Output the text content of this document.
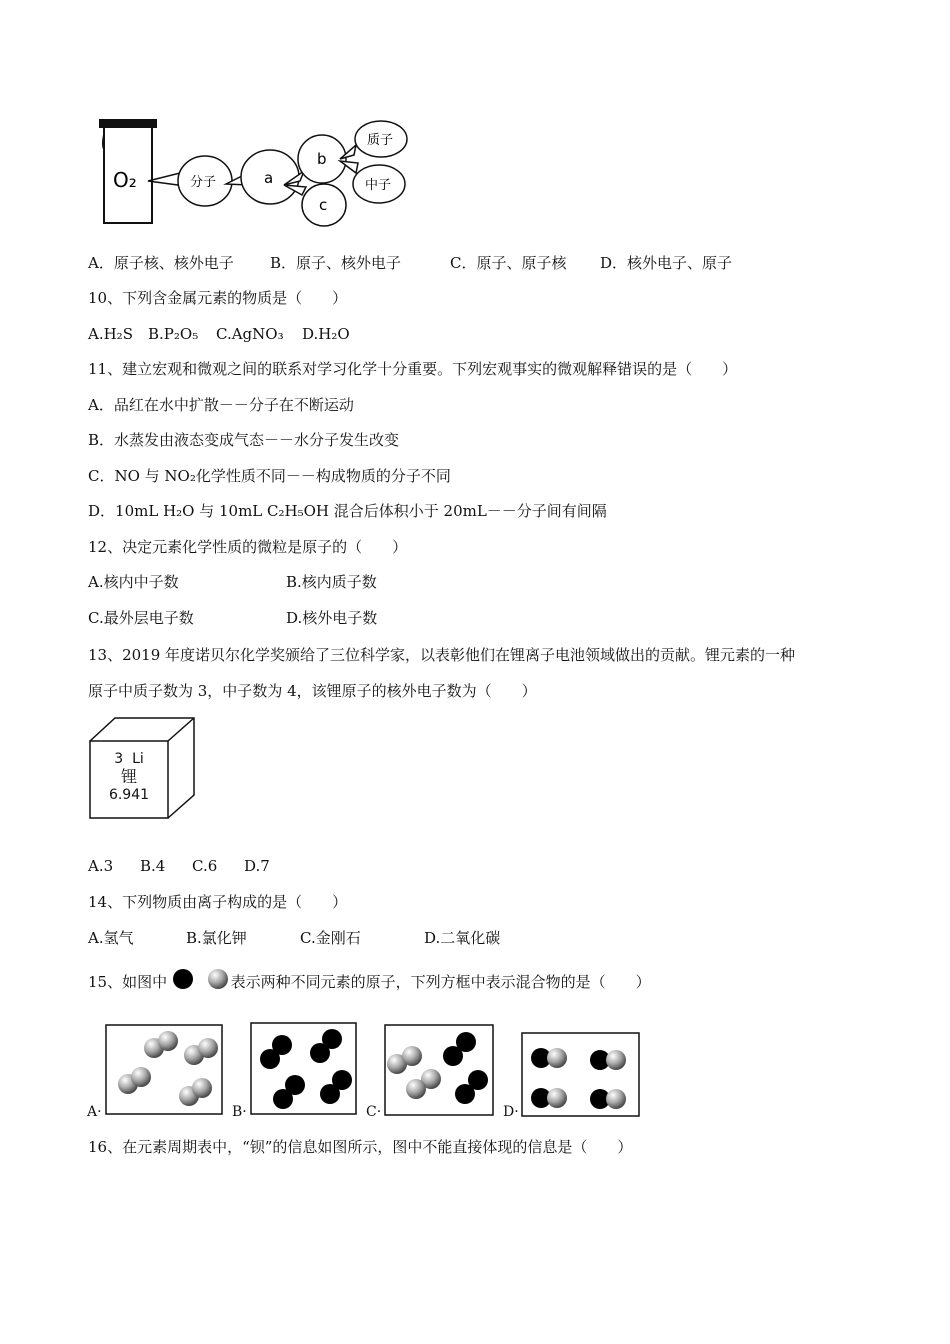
O₂	分子	a
b
c
质子
中子
A．原子核、核外电子 B．原子、核外电子	C．原子、原子核 D．核外电子、原子
10、下列含金属元素的物质是（　　）
A.H₂S B.P₂O₅ C.AgNO₃ D.H₂O
11、建立宏观和微观之间的联系对学习化学十分重要。下列宏观事实的微观解释错误的是（　　）
A．品红在水中扩散－－分子在不断运动
B．水蒸发由液态变成气态－－水分子发生改变
C．NO 与 NO₂化学性质不同－－构成物质的分子不同
D．10mL H₂O 与 10mL C₂H₅OH 混合后体积小于 20mL－－分子间有间隔
12、决定元素化学性质的微粒是原子的（　　）
A.核内中子数	B.核内质子数
C.最外层电子数	D.核外电子数
13、2019 年度诺贝尔化学奖颁给了三位科学家，以表彰他们在锂离子电池领域做出的贡献。锂元素的一种
原子中质子数为 3，中子数为 4，该锂原子的核外电子数为（　　）
3 Li
锂
6.941
A.3 B.4 C.6 D.7
14、下列物质由离子构成的是（　　）
A.氢气	B.氯化钾	C.金刚石	D.二氧化碳
15、如图中	表示两种不同元素的原子，下列方框中表示混合物的是（　　）
A·	B·	C·	D·
16、在元素周期表中，“钡”的信息如图所示，图中不能直接体现的信息是（　　）
